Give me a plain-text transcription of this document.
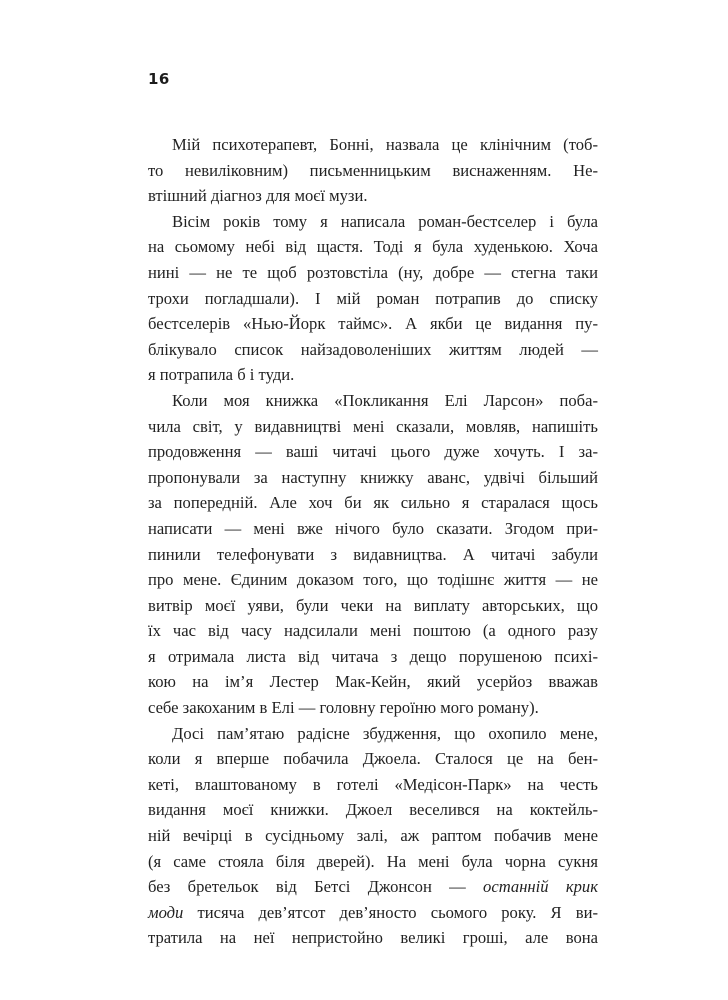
16
Мій психотерапевт, Бонні, назвала це клінічним (тоб-
то невиліковним) письменницьким виснаженням. Не-
втішний діагноз для моєї музи.
Вісім років тому я написала роман-бестселер і була
на сьомому небі від щастя. Тоді я була худенькою. Хоча
нині — не те щоб розтовстіла (ну, добре — стегна таки
трохи погладшали). І мій роман потрапив до списку
бестселерів «Нью-Йорк таймс». А якби це видання пу-
блікувало список найзадоволеніших життям людей —
я потрапила б і туди.
Коли моя книжка «Покликання Елі Ларсон» поба-
чила світ, у видавництві мені сказали, мовляв, напишіть
продовження — ваші читачі цього дуже хочуть. І за-
пропонували за наступну книжку аванс, удвічі більший
за попередній. Але хоч би як сильно я старалася щось
написати — мені вже нічого було сказати. Згодом при-
пинили телефонувати з видавництва. А читачі забули
про мене. Єдиним доказом того, що тодішнє життя — не
витвір моєї уяви, були чеки на виплату авторських, що
їх час від часу надсилали мені поштою (а одного разу
я отримала листа від читача з дещо порушеною психі-
кою на ім’я Лестер Мак-Кейн, який усерйоз вважав
себе закоханим в Елі — головну героїню мого роману).
Досі пам’ятаю радісне збудження, що охопило мене,
коли я вперше побачила Джоела. Сталося це на бен-
кеті, влаштованому в готелі «Медісон-Парк» на честь
видання моєї книжки. Джоел веселився на коктейль-
ній вечірці в сусідньому залі, аж раптом побачив мене
(я саме стояла біля дверей). На мені була чорна сукня
без бретельок від Бетсі Джонсон — останній крик
моди тисяча дев’ятсот дев’яносто сьомого року. Я ви-
тратила на неї непристойно великі гроші, але вона
